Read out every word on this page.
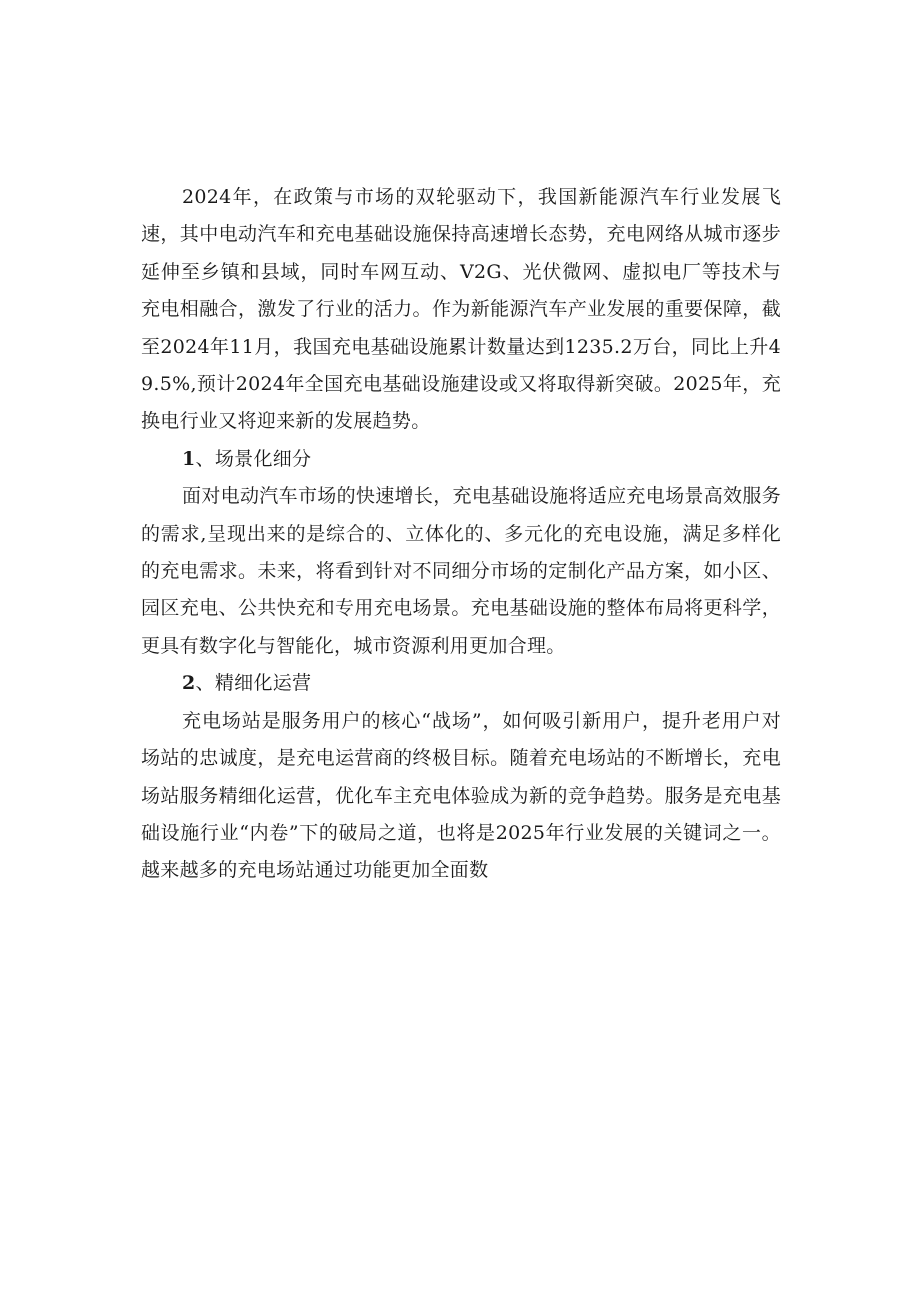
2024年，在政策与市场的双轮驱动下，我国新能源汽车行业发展飞速，其中电动汽车和充电基础设施保持高速增长态势，充电网络从城市逐步延伸至乡镇和县域，同时车网互动、V2G、光伏微网、虚拟电厂等技术与充电相融合，激发了行业的活力。作为新能源汽车产业发展的重要保障，截至2024年11月，我国充电基础设施累计数量达到1235.2万台，同比上升49.5%,预计2024年全国充电基础设施建设或又将取得新突破。2025年，充换电行业又将迎来新的发展趋势。

1、场景化细分

面对电动汽车市场的快速增长，充电基础设施将适应充电场景高效服务的需求,呈现出来的是综合的、立体化的、多元化的充电设施，满足多样化的充电需求。未来，将看到针对不同细分市场的定制化产品方案，如小区、园区充电、公共快充和专用充电场景。充电基础设施的整体布局将更科学，更具有数字化与智能化，城市资源利用更加合理。

2、精细化运营

充电场站是服务用户的核心“战场”，如何吸引新用户，提升老用户对场站的忠诚度，是充电运营商的终极目标。随着充电场站的不断增长，充电场站服务精细化运营，优化车主充电体验成为新的竞争趋势。服务是充电基础设施行业“内卷”下的破局之道，也将是2025年行业发展的关键词之一。越来越多的充电场站通过功能更加全面数
